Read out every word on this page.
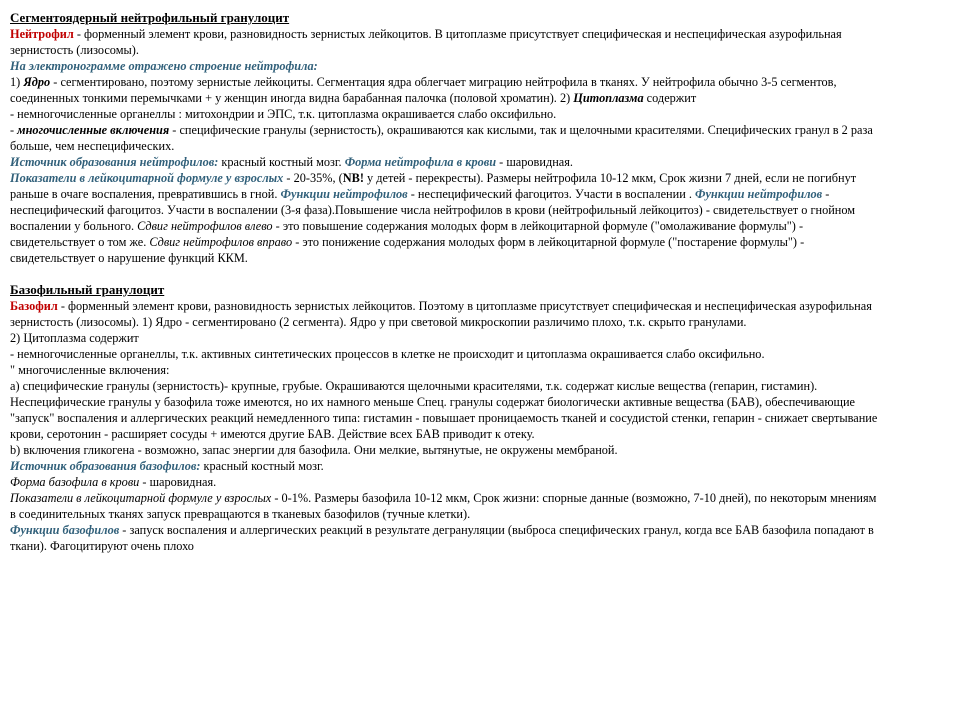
Сегментоядерный нейтрофильный гранулоцит
Нейтрофил - форменный элемент крови, разновидность зернистых лейкоцитов. В цитоплазме присутствует специфическая и неспецифическая азурофильная
зернистость (лизосомы).
На электронограмме отражено строение нейтрофила:
1) Ядро - сегментировано, поэтому зернистые лейкоциты. Сегментация ядра облегчает миграцию нейтрофила в тканях. У нейтрофила обычно 3-5 сегментов,
соединенных тонкими перемычками + у женщин иногда видна барабанная палочка (половой хроматин). 2) Цитоплазма содержит
- немногочисленные органеллы : митохондрии и ЭПС, т.к. цитоплазма окрашивается слабо оксифильно.
- многочисленные включения - специфические гранулы (зернистость), окрашиваются как кислыми, так и щелочными красителями. Специфических гранул в 2 раза
больше, чем неспецифических.
Источник образования нейтрофилов: красный костный мозг. Форма нейтрофила в крови - шаровидная.
Показатели в лейкоцитарной формуле у взрослых - 20-35%, (NB! у детей - перекресты). Размеры нейтрофила 10-12 мкм, Срок жизни 7 дней, если не погибнут
раньше в очаге воспаления, превратившись в гной. Функции нейтрофилов - неспецифический фагоцитоз. Участи в воспалении . Функции нейтрофилов -
неспецифический фагоцитоз. Участи в воспалении (3-я фаза).Повышение числа нейтрофилов в крови (нейтрофильный лейкоцитоз) - свидетельствует о гнойном
воспалении у больного. Сдвиг нейтрофилов влево - это повышение содержания молодых форм в лейкоцитарной формуле ("омолаживание формулы") -
свидетельствует о том же. Сдвиг нейтрофилов вправо - это понижение содержания молодых форм в лейкоцитарной формуле ("постарение формулы") -
свидетельствует о нарушение функций ККМ.
Базофильный гранулоцит
Базофил - форменный элемент крови, разновидность зернистых лейкоцитов. Поэтому в цитоплазме присутствует специфическая и неспецифическая азурофильная
зернистость (лизосомы). 1) Ядро - сегментировано (2 сегмента). Ядро у при световой микроскопии различимо плохо, т.к. скрыто гранулами.
2) Цитоплазма содержит
- немногочисленные органеллы, т.к. активных синтетических процессов в клетке не происходит и цитоплазма окрашивается слабо оксифильно.
" многочисленные включения:
а) специфические гранулы (зернистость)- крупные, грубые. Окрашиваются щелочными красителями, т.к. содержат кислые вещества (гепарин, гистамин).
Неспецифические гранулы у базофила тоже имеются, но их намного меньше Спец. гранулы содержат биологически активные вещества (БАВ), обеспечивающие
"запуск" воспаления и аллергических реакций немедленного типа: гистамин - повышает проницаемость тканей и сосудистой стенки, гепарин - снижает свертывание
крови, серотонин - расширяет сосуды + имеются другие БАВ. Действие всех БАВ приводит к отеку.
b) включения гликогена - возможно, запас энергии для базофила. Они мелкие, вытянутые, не окружены мембраной.
Источник образования базофилов: красный костный мозг.
Форма базофила в крови - шаровидная.
Показатели в лейкоцитарной формуле у взрослых - 0-1%. Размеры базофила 10-12 мкм, Срок жизни: спорные данные (возможно, 7-10 дней), по некоторым мнениям
в соединительных тканях запуск превращаются в тканевых базофилов (тучные клетки).
Функции базофилов - запуск воспаления и аллергических реакций в результате дегрануляции (выброса специфических гранул, когда все БАВ базофила попадают в
ткани). Фагоцитируют очень плохо
